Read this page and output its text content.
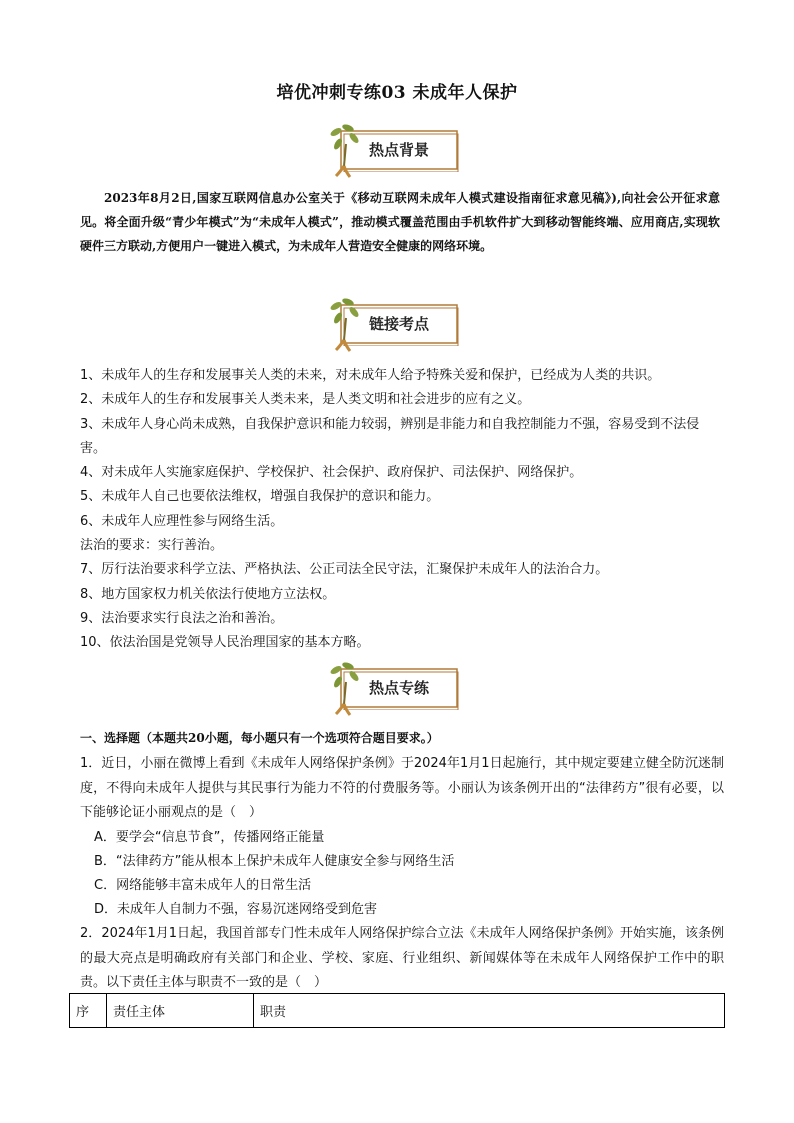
培优冲刺专练03 未成年人保护
热点背景
2023年8月2日,国家互联网信息办公室关于《移动互联网未成年人模式建设指南征求意见稿》),向社会公开征求意见。将全面升级“青少年模式”为“未成年人模式”，推动模式覆盖范围由手机软件扩大到移动智能终端、应用商店,实现软硬件三方联动,方便用户一键进入模式，为未成年人营造安全健康的网络环境。
链接考点
1、未成年人的生存和发展事关人类的未来，对未成年人给予特殊关爱和保护，已经成为人类的共识。
2、未成年人的生存和发展事关人类未来，是人类文明和社会进步的应有之义。
3、未成年人身心尚未成熟，自我保护意识和能力较弱，辨别是非能力和自我控制能力不强，容易受到不法侵害。
4、对未成年人实施家庭保护、学校保护、社会保护、政府保护、司法保护、网络保护。
5、未成年人自己也要依法维权，增强自我保护的意识和能力。
6、未成年人应理性参与网络生活。
法治的要求：实行善治。
7、厉行法治要求科学立法、严格执法、公正司法全民守法，汇聚保护未成年人的法治合力。
8、地方国家权力机关依法行使地方立法权。
9、法治要求实行良法之治和善治。
10、依法治国是党领导人民治理国家的基本方略。
热点专练
一、选择题（本题共20小题，每小题只有一个选项符合题目要求。）
1．近日，小丽在微博上看到《未成年人网络保护条例》于2024年1月1日起施行，其中规定要建立健全防沉迷制度，不得向未成年人提供与其民事行为能力不符的付费服务等。小丽认为该条例开出的“法律药方”很有必要，以下能够论证小丽观点的是（　）
A．要学会“信息节食”，传播网络正能量
B．“法律药方”能从根本上保护未成年人健康安全参与网络生活
C．网络能够丰富未成年人的日常生活
D．未成年人自制力不强，容易沉迷网络受到危害
2．2024年1月1日起，我国首部专门性未成年人网络保护综合立法《未成年人网络保护条例》开始实施，该条例的最大亮点是明确政府有关部门和企业、学校、家庭、行业组织、新闻媒体等在未成年人网络保护工作中的职责。以下责任主体与职责不一致的是（　）
序	责任主体	职责
